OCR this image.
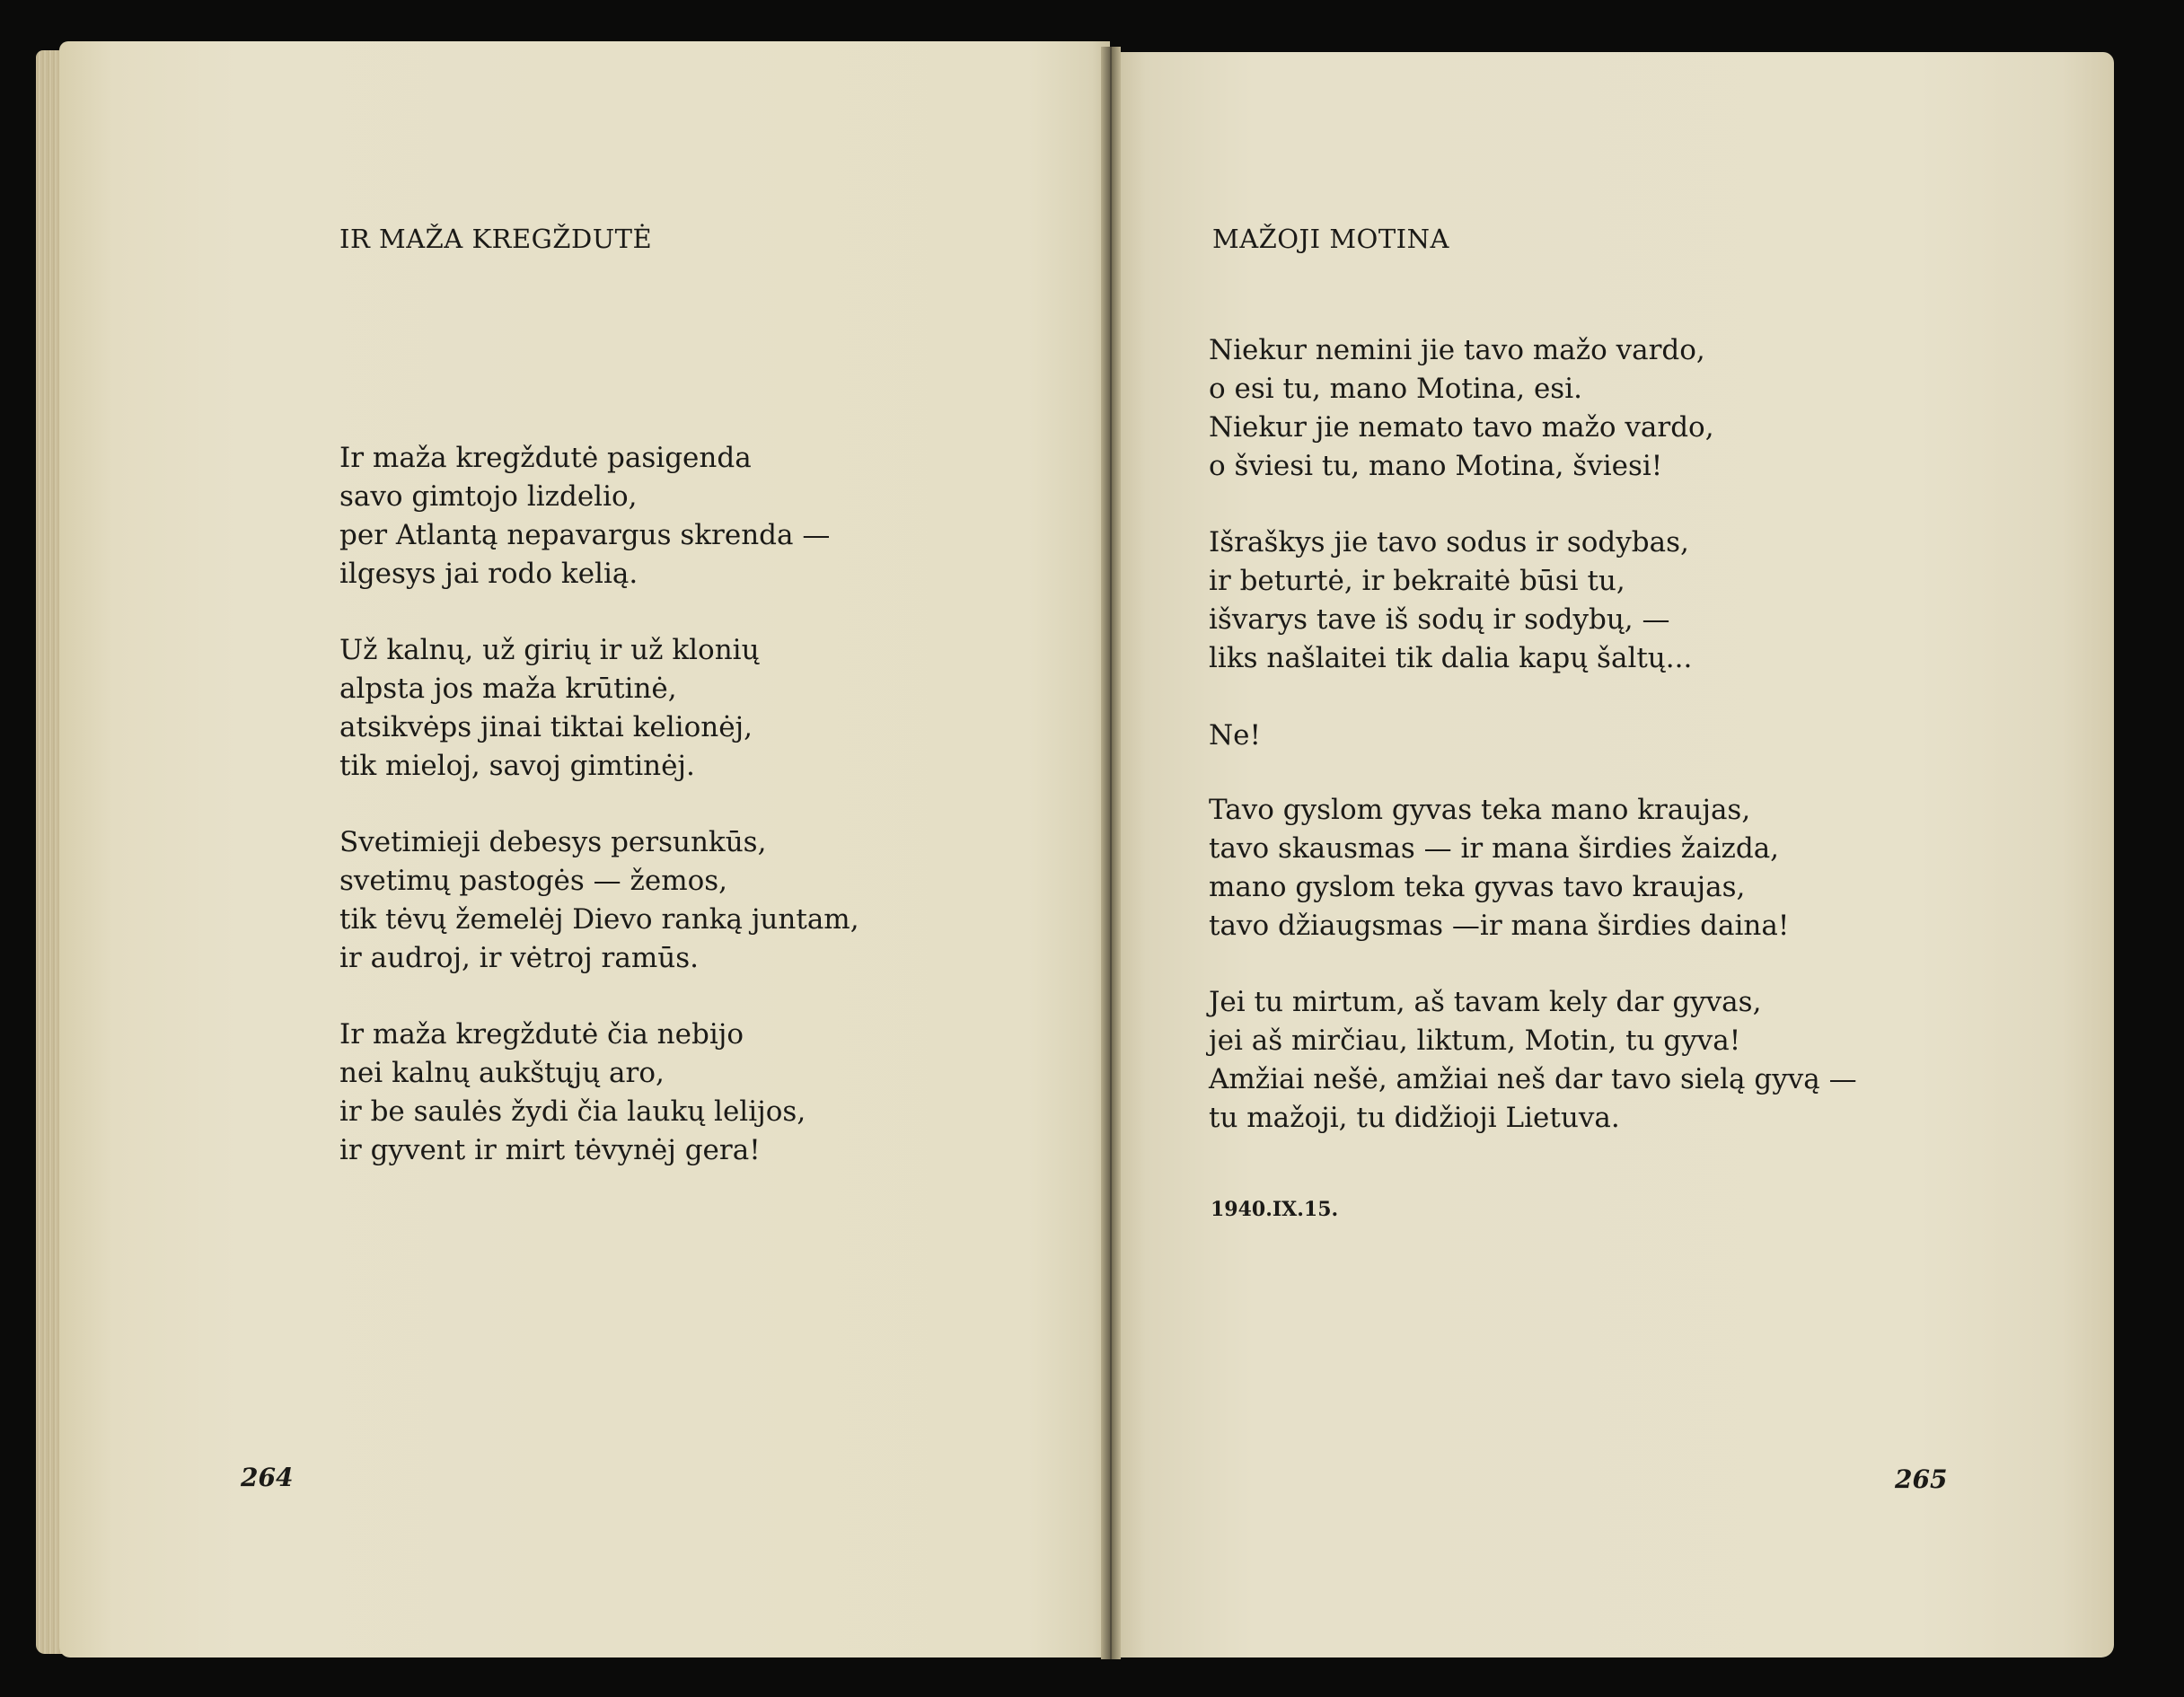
IR MAŽA KREGŽDUTĖ
Ir maža kregždutė pasigenda
savo gimtojo lizdelio,
per Atlantą nepavargus skrenda —
ilgesys jai rodo kelią.
Už kalnų, už girių ir už klonių
alpsta jos maža krūtinė,
atsikvėps jinai tiktai kelionėj,
tik mieloj, savoj gimtinėj.
Svetimieji debesys persunkūs,
svetimų pastogės — žemos,
tik tėvų žemelėj Dievo ranką juntam,
ir audroj, ir vėtroj ramūs.
Ir maža kregždutė čia nebijo
nei kalnų aukštųjų aro,
ir be saulės žydi čia laukų lelijos,
ir gyvent ir mirt tėvynėj gera!
264
MAŽOJI MOTINA
Niekur nemini jie tavo mažo vardo,
o esi tu, mano Motina, esi.
Niekur jie nemato tavo mažo vardo,
o šviesi tu, mano Motina, šviesi!
Išraškys jie tavo sodus ir sodybas,
ir beturtė, ir bekraitė būsi tu,
išvarys tave iš sodų ir sodybų, —
liks našlaitei tik dalia kapų šaltų...
Ne!
Tavo gyslom gyvas teka mano kraujas,
tavo skausmas — ir mana širdies žaizda,
mano gyslom teka gyvas tavo kraujas,
tavo džiaugsmas —ir mana širdies daina!
Jei tu mirtum, aš tavam kely dar gyvas,
jei aš mirčiau, liktum, Motin, tu gyva!
Amžiai nešė, amžiai neš dar tavo sielą gyvą —
tu mažoji, tu didžioji Lietuva.
1940.IX.15.
265
